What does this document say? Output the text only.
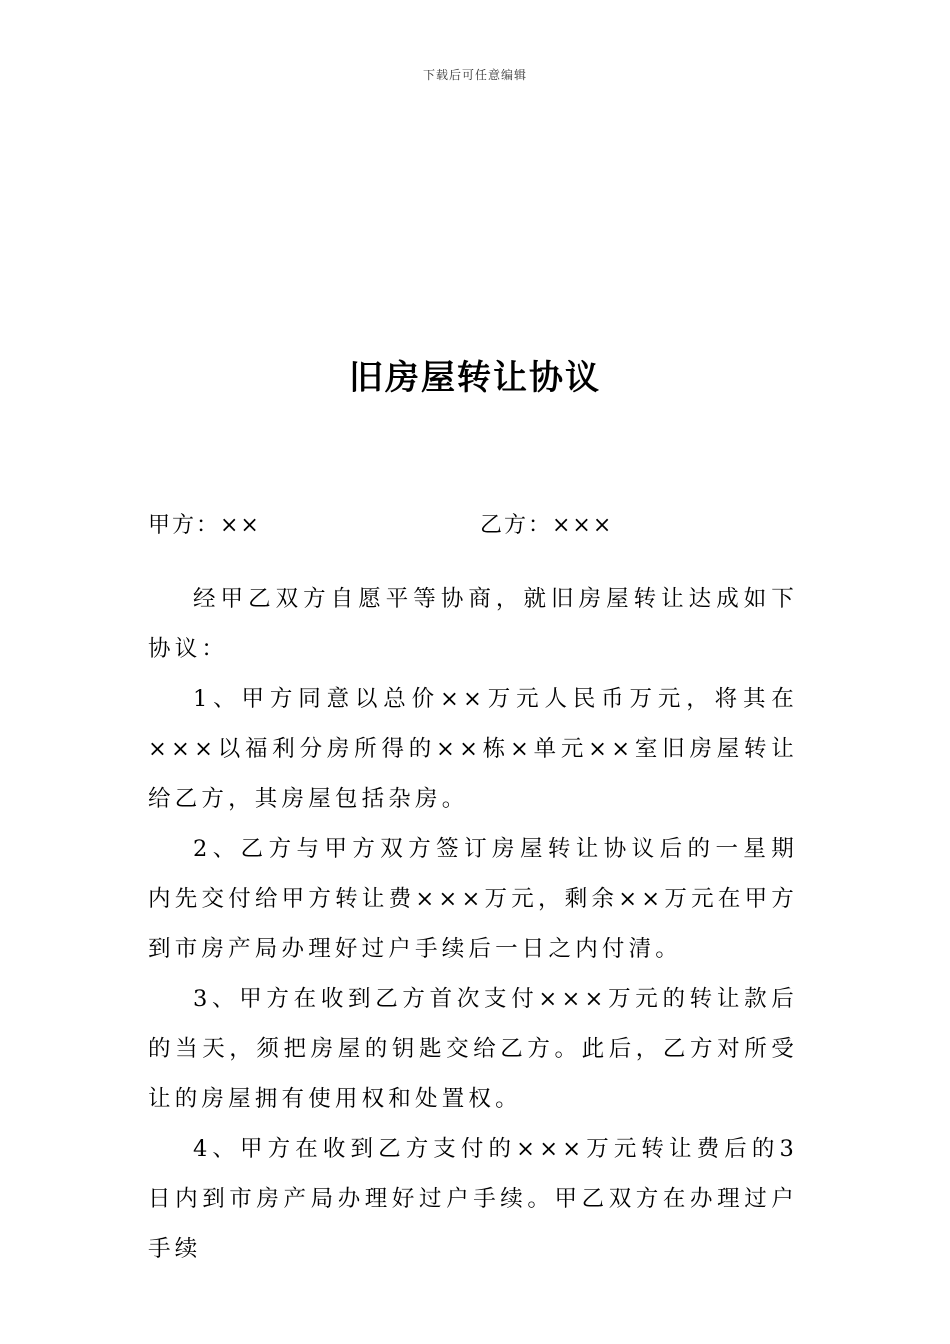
下载后可任意编辑
旧房屋转让协议
甲方：××	乙方：×××

经甲乙双方自愿平等协商，就旧房屋转让达成如下协议：

1、甲方同意以总价××万元人民币万元，将其在×××以福利分房所得的××栋×单元××室旧房屋转让给乙方，其房屋包括杂房。

2、乙方与甲方双方签订房屋转让协议后的一星期内先交付给甲方转让费×××万元，剩余××万元在甲方到市房产局办理好过户手续后一日之内付清。

3、甲方在收到乙方首次支付×××万元的转让款后的当天，须把房屋的钥匙交给乙方。此后，乙方对所受让的房屋拥有使用权和处置权。

4、甲方在收到乙方支付的×××万元转让费后的3日内到市房产局办理好过户手续。甲乙双方在办理过户手续
